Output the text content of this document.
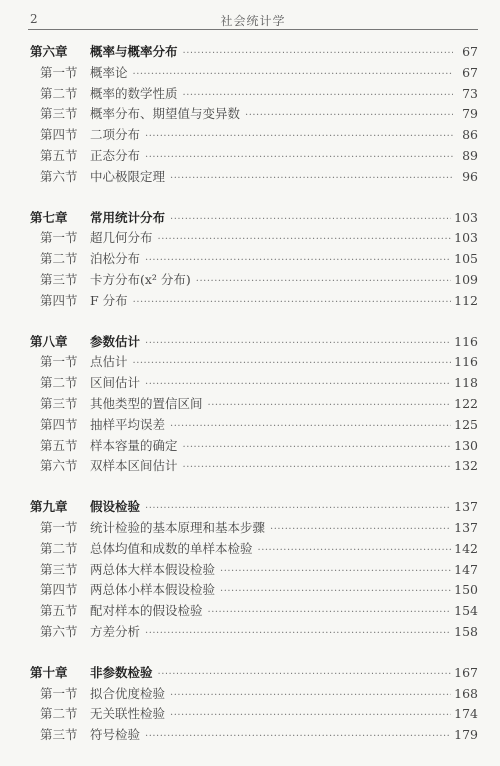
2	社会统计学
第六章	概率与概率分布 ·····	67
第一节 概率论 ·····	67
第二节 概率的数学性质 ·····	73
第三节 概率分布、期望值与变异数 ·····	79
第四节 二项分布 ·····	86
第五节 正态分布 ·····	89
第六节 中心极限定理 ·····	96
第七章	常用统计分布 ·····	103
第一节 超几何分布 ·····	103
第二节 泊松分布 ·····	105
第三节 卡方分布(x² 分布) ·····	109
第四节 F 分布 ·····	112
第八章	参数估计 ·····	116
第一节 点估计 ·····	116
第二节 区间估计 ·····	118
第三节 其他类型的置信区间 ·····	122
第四节 抽样平均误差 ·····	125
第五节 样本容量的确定 ·····	130
第六节 双样本区间估计 ·····	132
第九章	假设检验 ·····	137
第一节 统计检验的基本原理和基本步骤 ·····	137
第二节 总体均值和成数的单样本检验 ·····	142
第三节 两总体大样本假设检验 ·····	147
第四节 两总体小样本假设检验 ·····	150
第五节 配对样本的假设检验 ·····	154
第六节 方差分析 ·····	158
第十章	非参数检验 ·····	167
第一节 拟合优度检验 ·····	168
第二节 无关联性检验 ·····	174
第三节 符号检验 ·····	179
